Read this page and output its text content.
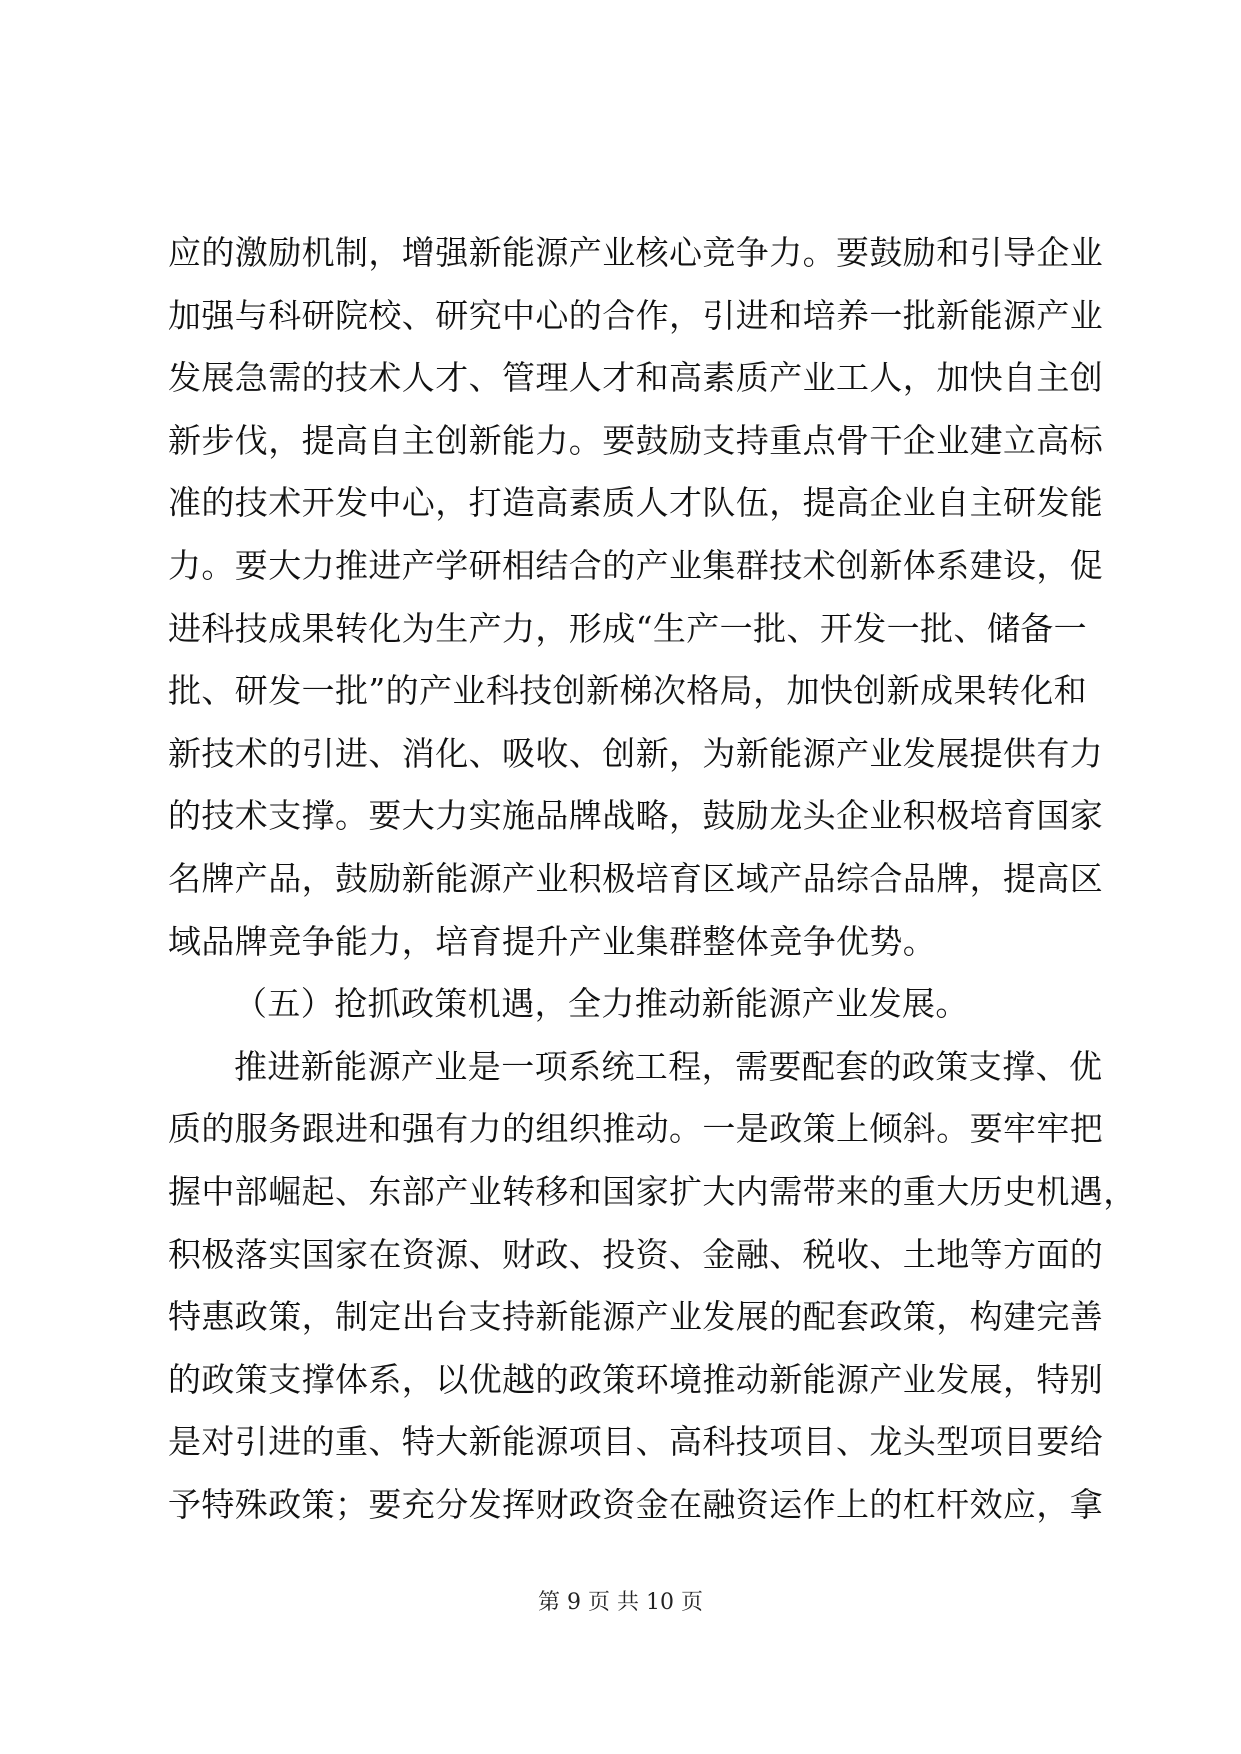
应的激励机制，增强新能源产业核心竞争力。要鼓励和引导企业
加强与科研院校、研究中心的合作，引进和培养一批新能源产业
发展急需的技术人才、管理人才和高素质产业工人，加快自主创
新步伐，提高自主创新能力。要鼓励支持重点骨干企业建立高标
准的技术开发中心，打造高素质人才队伍，提高企业自主研发能
力。要大力推进产学研相结合的产业集群技术创新体系建设，促
进科技成果转化为生产力，形成“生产一批、开发一批、储备一
批、研发一批”的产业科技创新梯次格局，加快创新成果转化和
新技术的引进、消化、吸收、创新，为新能源产业发展提供有力
的技术支撑。要大力实施品牌战略，鼓励龙头企业积极培育国家
名牌产品，鼓励新能源产业积极培育区域产品综合品牌，提高区
域品牌竞争能力，培育提升产业集群整体竞争优势。
（五）抢抓政策机遇，全力推动新能源产业发展。
推进新能源产业是一项系统工程，需要配套的政策支撑、优
质的服务跟进和强有力的组织推动。一是政策上倾斜。要牢牢把
握中部崛起、东部产业转移和国家扩大内需带来的重大历史机遇，
积极落实国家在资源、财政、投资、金融、税收、土地等方面的
特惠政策，制定出台支持新能源产业发展的配套政策，构建完善
的政策支撑体系，以优越的政策环境推动新能源产业发展，特别
是对引进的重、特大新能源项目、高科技项目、龙头型项目要给
予特殊政策；要充分发挥财政资金在融资运作上的杠杆效应，拿
第 9 页 共 10 页
